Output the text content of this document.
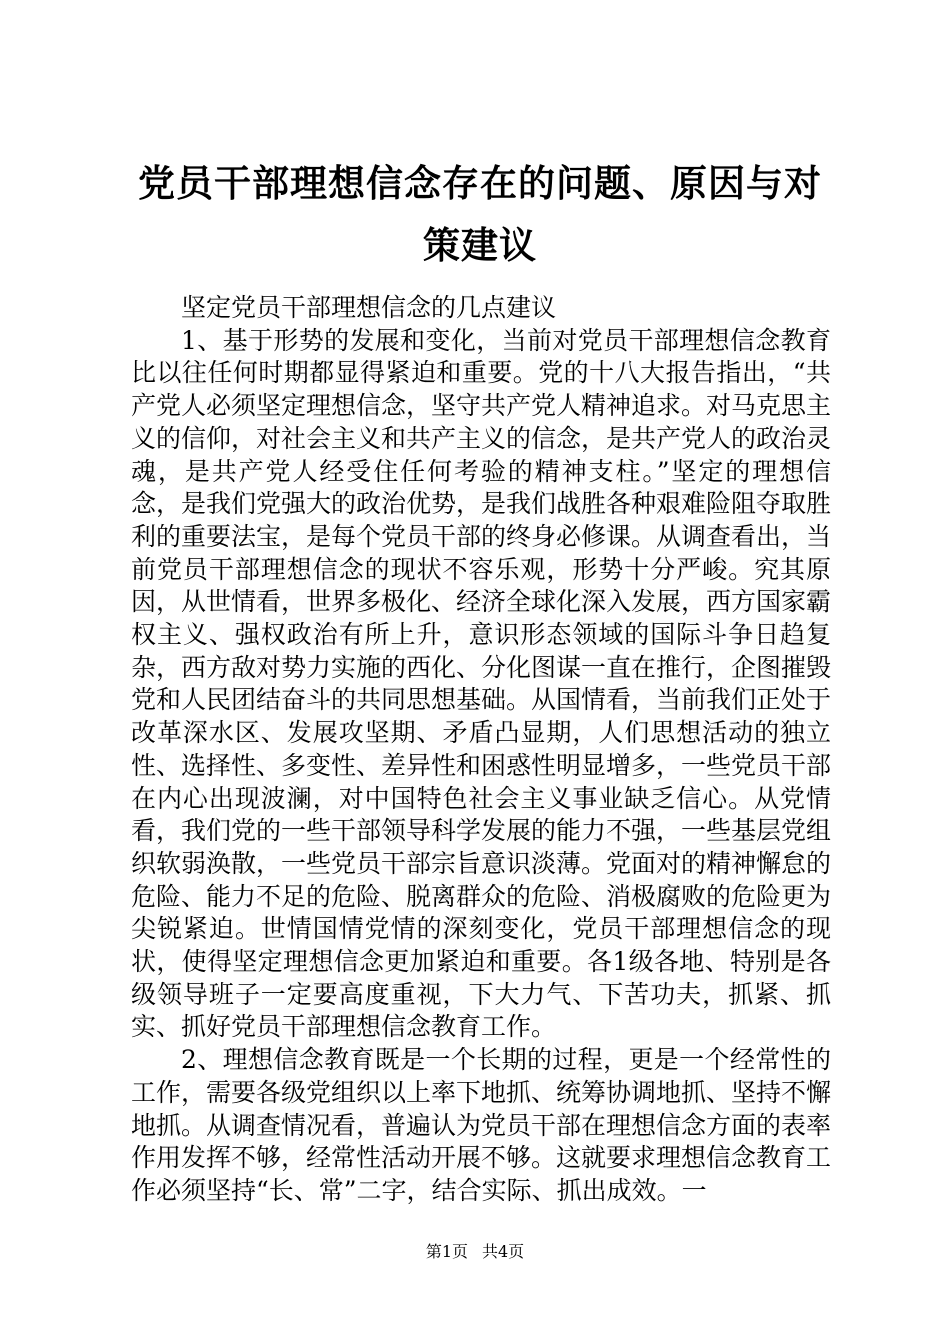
党员干部理想信念存在的问题、原因与对策建议

坚定党员干部理想信念的几点建议

1、基于形势的发展和变化，当前对党员干部理想信念教育比以往任何时期都显得紧迫和重要。党的十八大报告指出，“共产党人必须坚定理想信念，坚守共产党人精神追求。对马克思主义的信仰，对社会主义和共产主义的信念，是共产党人的政治灵魂，是共产党人经受住任何考验的精神支柱。”坚定的理想信念，是我们党强大的政治优势，是我们战胜各种艰难险阻夺取胜利的重要法宝，是每个党员干部的终身必修课。从调查看出，当前党员干部理想信念的现状不容乐观，形势十分严峻。究其原因，从世情看，世界多极化、经济全球化深入发展，西方国家霸权主义、强权政治有所上升，意识形态领域的国际斗争日趋复杂，西方敌对势力实施的西化、分化图谋一直在推行，企图摧毁党和人民团结奋斗的共同思想基础。从国情看，当前我们正处于改革深水区、发展攻坚期、矛盾凸显期，人们思想活动的独立性、选择性、多变性、差异性和困惑性明显增多，一些党员干部在内心出现波澜，对中国特色社会主义事业缺乏信心。从党情看，我们党的一些干部领导科学发展的能力不强，一些基层党组织软弱涣散，一些党员干部宗旨意识淡薄。党面对的精神懈怠的危险、能力不足的危险、脱离群众的危险、消极腐败的危险更为尖锐紧迫。世情国情党情的深刻变化，党员干部理想信念的现状，使得坚定理想信念更加紧迫和重要。各1级各地、特别是各级领导班子一定要高度重视，下大力气、下苦功夫，抓紧、抓实、抓好党员干部理想信念教育工作。

2、理想信念教育既是一个长期的过程，更是一个经常性的工作，需要各级党组织以上率下地抓、统筹协调地抓、坚持不懈地抓。从调查情况看，普遍认为党员干部在理想信念方面的表率作用发挥不够，经常性活动开展不够。这就要求理想信念教育工作必须坚持“长、常”二字，结合实际、抓出成效。一

第1页 共4页
